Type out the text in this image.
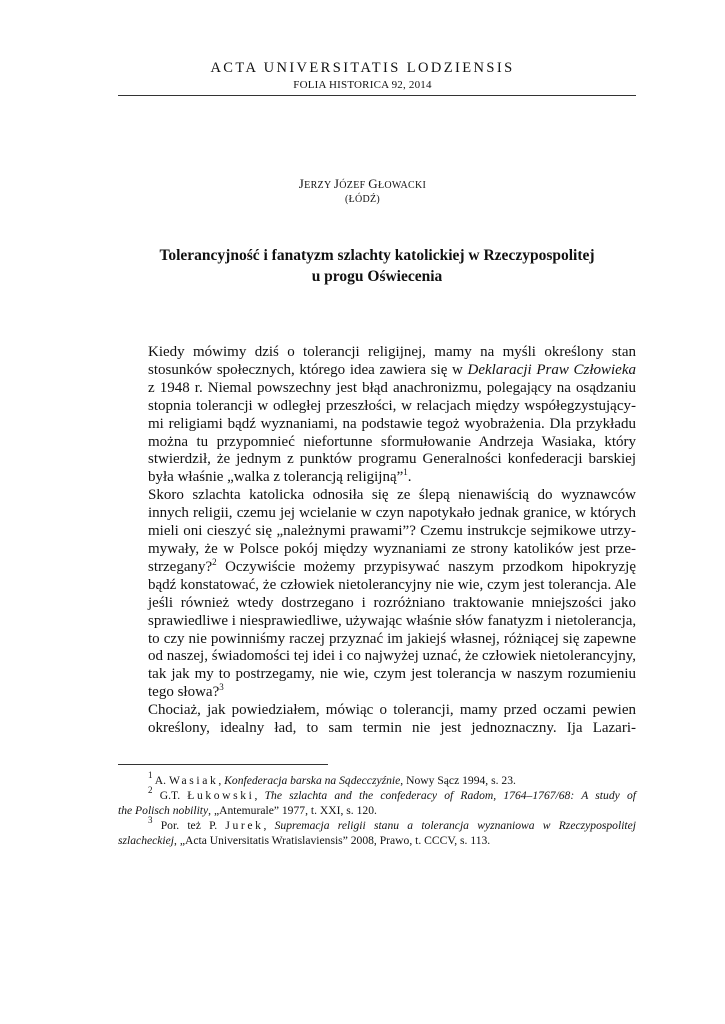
ACTA UNIVERSITATIS LODZIENSIS
FOLIA HISTORICA 92, 2014
JERZY JÓZEF GŁOWACKI
(ŁÓDŹ)
Tolerancyjność i fanatyzm szlachty katolickiej w Rzeczypospolitej
u progu Oświecenia

Kiedy mówimy dziś o tolerancji religijnej, mamy na myśli określony stan
stosunków społecznych, którego idea zawiera się w Deklaracji Praw Człowieka
z 1948 r. Niemal powszechny jest błąd anachronizmu, polegający na osądzaniu
stopnia tolerancji w odległej przeszłości, w relacjach między współegzystujący-
mi religiami bądź wyznaniami, na podstawie tegoż wyobrażenia. Dla przykładu
można tu przypomnieć niefortunne sformułowanie Andrzeja Wasiaka, który
stwierdził, że jednym z punktów programu Generalności konfederacji barskiej
była właśnie „walka z tolerancją religijną”$^1$.

Skoro szlachta katolicka odnosiła się ze ślepą nienawiścią do wyznawców
innych religii, czemu jej wcielanie w czyn napotykało jednak granice, w których
mieli oni cieszyć się „należnymi prawami”? Czemu instrukcje sejmikowe utrzy-
mywały, że w Polsce pokój między wyznaniami ze strony katolików jest prze-
strzegany?$^2$ Oczywiście możemy przypisywać naszym przodkom hipokryzję
bądź konstatować, że człowiek nietolerancyjny nie wie, czym jest tolerancja. Ale
jeśli również wtedy dostrzegano i rozróżniano traktowanie mniejszości jako
sprawiedliwe i niesprawiedliwe, używając właśnie słów fanatyzm i nietolerancja,
to czy nie powinniśmy raczej przyznać im jakiejś własnej, różniącej się zapewne
od naszej, świadomości tej idei i co najwyżej uznać, że człowiek nietolerancyjny,
tak jak my to postrzegamy, nie wie, czym jest tolerancja w naszym rozumieniu
tego słowa?$^3$

Chociaż, jak powiedziałem, mówiąc o tolerancji, mamy przed oczami pewien
określony, idealny ład, to sam termin nie jest jednoznaczny. Ija Lazari-

$^1$ A. Wasiak, Konfederacja barska na Sądecczyźnie, Nowy Sącz 1994, s. 23.
$^2$ G.T. Łukowski, The szlachta and the confederacy of Radom, 1764–1767/68: A study of
the Polisch nobility, „Antemurale” 1977, t. XXI, s. 120.
$^3$ Por. też P. Jurek, Supremacja religii stanu a tolerancja wyznaniowa w Rzeczypospolitej
szlacheckiej, „Acta Universitatis Wratislaviensis” 2008, Prawo, t. CCCV, s. 113.
